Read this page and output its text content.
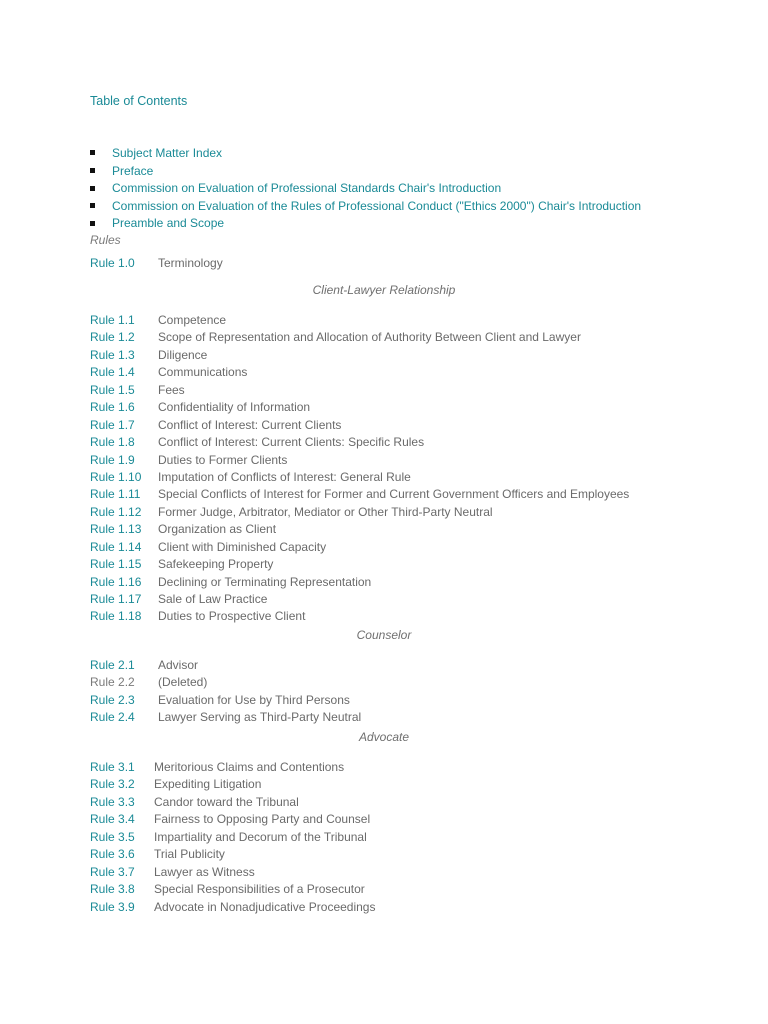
Table of Contents
Subject Matter Index
Preface
Commission on Evaluation of Professional Standards Chair's Introduction
Commission on Evaluation of the Rules of Professional Conduct ("Ethics 2000") Chair's Introduction
Preamble and Scope
Rules
Rule 1.0 Terminology
Client-Lawyer Relationship
Rule 1.1 Competence
Rule 1.2 Scope of Representation and Allocation of Authority Between Client and Lawyer
Rule 1.3 Diligence
Rule 1.4 Communications
Rule 1.5 Fees
Rule 1.6 Confidentiality of Information
Rule 1.7 Conflict of Interest: Current Clients
Rule 1.8 Conflict of Interest: Current Clients: Specific Rules
Rule 1.9 Duties to Former Clients
Rule 1.10 Imputation of Conflicts of Interest: General Rule
Rule 1.11 Special Conflicts of Interest for Former and Current Government Officers and Employees
Rule 1.12 Former Judge, Arbitrator, Mediator or Other Third-Party Neutral
Rule 1.13 Organization as Client
Rule 1.14 Client with Diminished Capacity
Rule 1.15 Safekeeping Property
Rule 1.16 Declining or Terminating Representation
Rule 1.17 Sale of Law Practice
Rule 1.18 Duties to Prospective Client
Counselor
Rule 2.1 Advisor
Rule 2.2 (Deleted)
Rule 2.3 Evaluation for Use by Third Persons
Rule 2.4 Lawyer Serving as Third-Party Neutral
Advocate
Rule 3.1 Meritorious Claims and Contentions
Rule 3.2 Expediting Litigation
Rule 3.3 Candor toward the Tribunal
Rule 3.4 Fairness to Opposing Party and Counsel
Rule 3.5 Impartiality and Decorum of the Tribunal
Rule 3.6 Trial Publicity
Rule 3.7 Lawyer as Witness
Rule 3.8 Special Responsibilities of a Prosecutor
Rule 3.9 Advocate in Nonadjudicative Proceedings
